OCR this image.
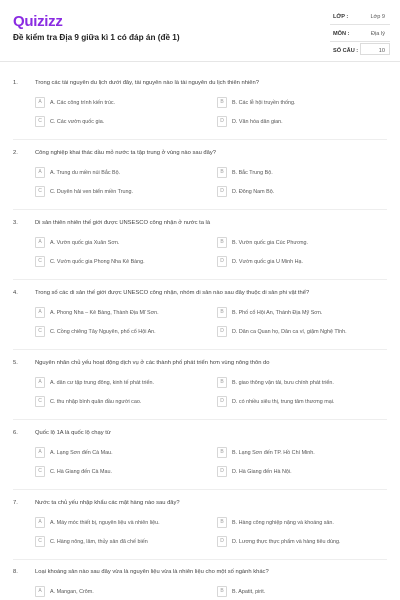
Quizizz
Đề kiểm tra Địa 9 giữa kì 1 có đáp án (đề 1)
LỚP :	Lớp 9
MÔN :	Địa lý
SỐ CÂU :	10
1.	Trong các tài nguyên du lịch dưới đây, tài nguyên nào là tài nguyên du lịch thiên nhiên?
A	A. Các công trình kiến trúc.	B	B. Các lễ hội truyền thống.
C	C. Các vườn quốc gia.	D	D. Văn hóa dân gian.
2.	Công nghiệp khai thác dầu mỏ nước ta tập trung ở vùng nào sau đây?
A	A. Trung du miền núi Bắc Bộ.	B	B. Bắc Trung Bộ.
C	C. Duyên hải ven biển miền Trung.	D	D. Đông Nam Bộ.
3.	Di sản thiên nhiên thế giới được UNSESCO công nhận ở nước ta là
A	A. Vườn quốc gia Xuân Sơn.	B	B. Vườn quốc gia Cúc Phương.
C	C. Vườn quốc gia Phong Nha Kẻ Bàng.	D	D. Vườn quốc gia U Minh Hạ.
4.	Trong số các di sản thế giới được UNESCO công nhận, nhóm di sản nào sau đây thuộc di sản phi vật thể?
A	A. Phong Nha – Kẻ Bàng, Thành Địa Mĩ Sơn.	B	B. Phố cổ Hội An, Thánh Địa Mỹ Sơn.
C	C. Cồng chiêng Tây Nguyên, phố cổ Hội An.	D	D. Dân ca Quan họ, Dân ca ví, giặm Nghệ Tĩnh.
5.	Nguyên nhân chủ yếu hoạt động dịch vụ ở các thành phố phát triển hơn vùng nông thôn do
A	A. dân cư tập trung đông, kinh tế phát triển.	B	B. giao thông vận tải, bưu chính phát triển.
C	C. thu nhập bình quân đầu người cao.	D	D. có nhiều siêu thị, trung tâm thương mại.
6.	Quốc lộ 1A là quốc lộ chạy từ
A	A. Lạng Sơn đến Cà Mau.	B	B. Lạng Sơn đến TP. Hồ Chí Minh.
C	C. Hà Giang đến Cà Mau.	D	D. Hà Giang đến Hà Nội.
7.	Nước ta chủ yếu nhập khẩu các mặt hàng nào sau đây?
A	A. Máy móc thiết bị, nguyên liệu và nhiên liệu.	B	B. Hàng công nghiệp nặng và khoáng sản.
C	C. Hàng nông, lâm, thủy sản đã chế biến	D	D. Lương thực thực phẩm và hàng tiêu dùng.
8.	Loại khoáng sản nào sau đây vừa là nguyên liệu vừa là nhiên liệu cho một số ngành khác?
A	A. Mangan, Crôm.	B	B. Apatit, pirit.
